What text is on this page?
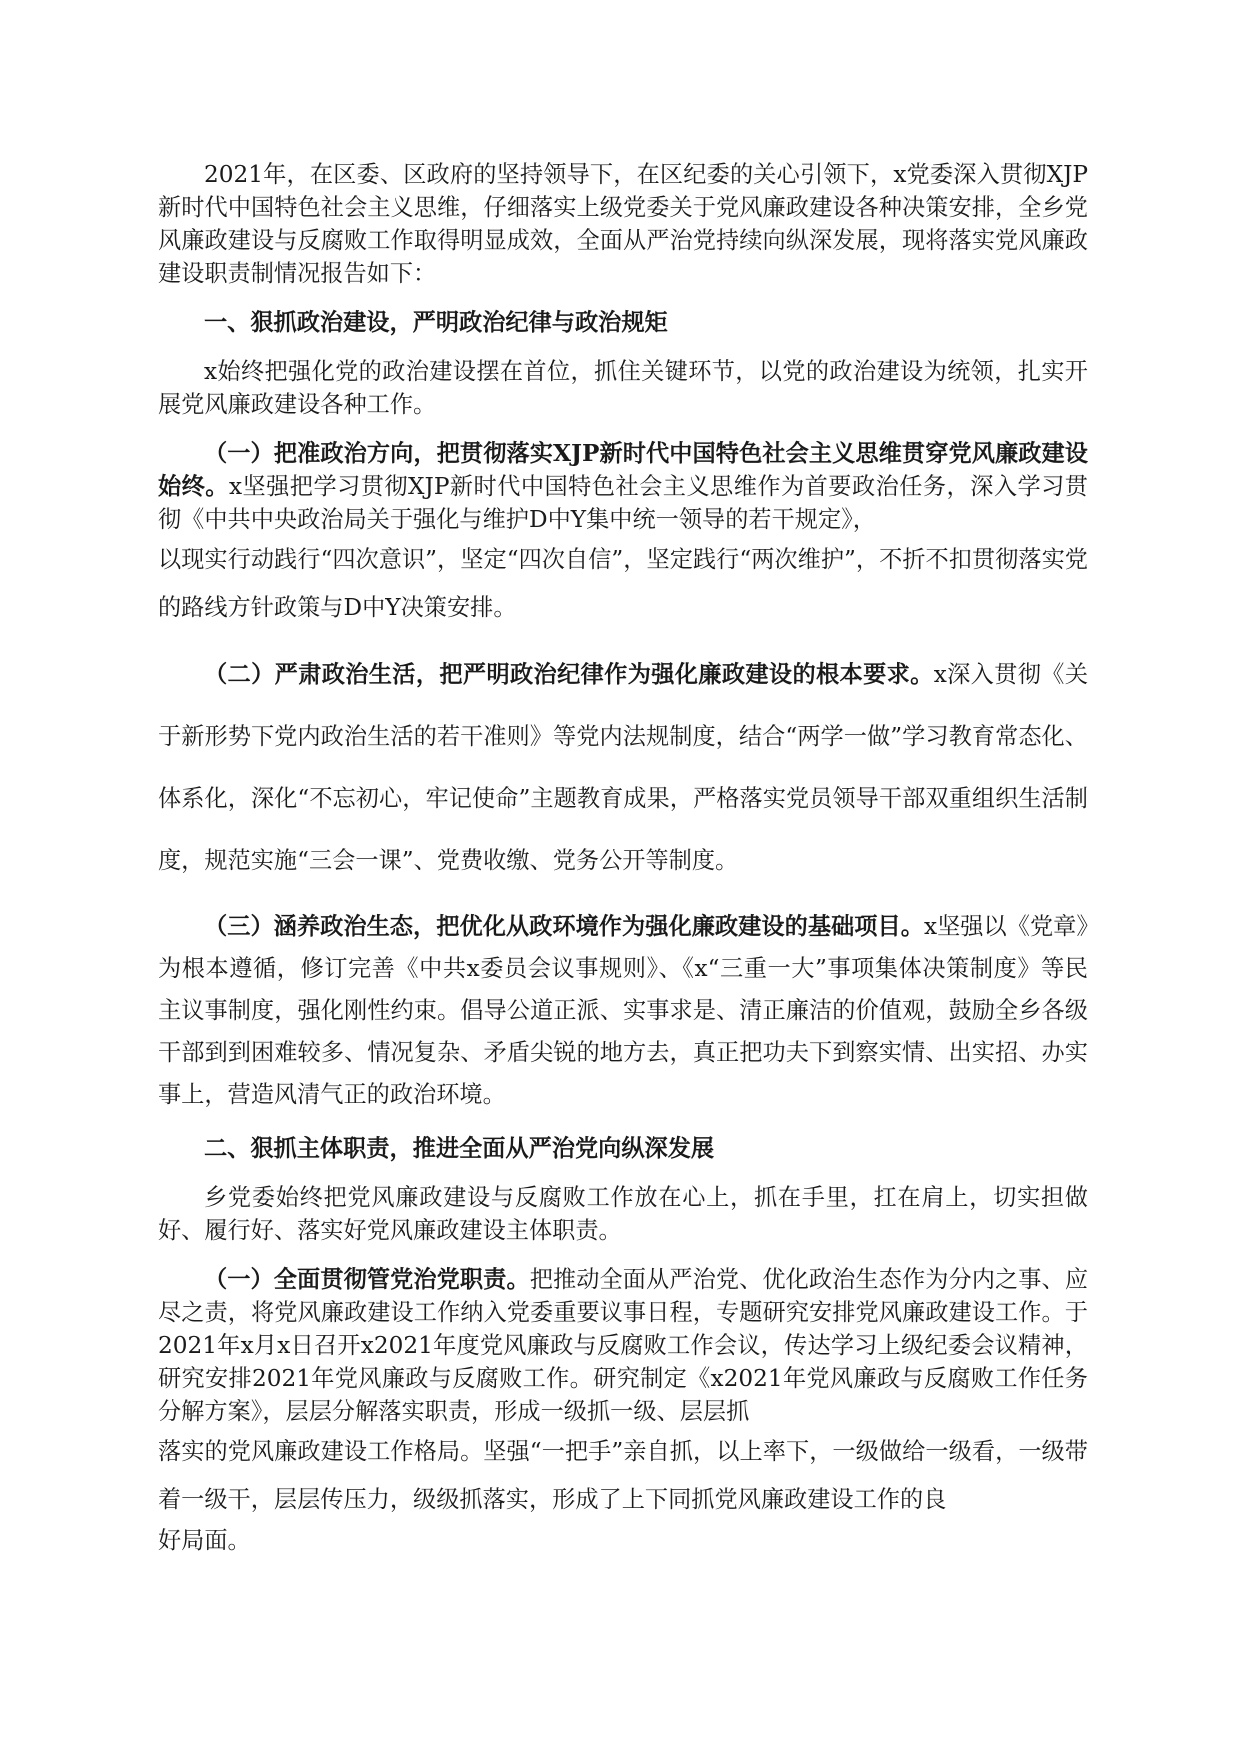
2021年，在区委、区政府的坚持领导下，在区纪委的关心引领下，x党委深入贯彻XJP新时代中国特色社会主义思维，仔细落实上级党委关于党风廉政建设各种决策安排，全乡党风廉政建设与反腐败工作取得明显成效，全面从严治党持续向纵深发展，现将落实党风廉政建设职责制情况报告如下：

一、狠抓政治建设，严明政治纪律与政治规矩

x始终把强化党的政治建设摆在首位，抓住关键环节，以党的政治建设为统领，扎实开展党风廉政建设各种工作。

（一）把准政治方向，把贯彻落实XJP新时代中国特色社会主义思维贯穿党风廉政建设始终。x坚强把学习贯彻XJP新时代中国特色社会主义思维作为首要政治任务，深入学习贯彻《中共中央政治局关于强化与维护D中Y集中统一领导的若干规定》，

以现实行动践行“四次意识”，坚定“四次自信”，坚定践行“两次维护”，不折不扣贯彻落实党的路线方针政策与D中Y决策安排。

（二）严肃政治生活，把严明政治纪律作为强化廉政建设的根本要求。x深入贯彻《关于新形势下党内政治生活的若干准则》等党内法规制度，结合“两学一做”学习教育常态化、体系化，深化“不忘初心，牢记使命”主题教育成果，严格落实党员领导干部双重组织生活制度，规范实施“三会一课”、党费收缴、党务公开等制度。

（三）涵养政治生态，把优化从政环境作为强化廉政建设的基础项目。x坚强以《党章》为根本遵循，修订完善《中共x委员会议事规则》、《x“三重一大”事项集体决策制度》等民主议事制度，强化刚性约束。倡导公道正派、实事求是、清正廉洁的价值观，鼓励全乡各级干部到到困难较多、情况复杂、矛盾尖锐的地方去，真正把功夫下到察实情、出实招、办实事上，营造风清气正的政治环境。

二、狠抓主体职责，推进全面从严治党向纵深发展

乡党委始终把党风廉政建设与反腐败工作放在心上，抓在手里，扛在肩上，切实担做好、履行好、落实好党风廉政建设主体职责。

（一）全面贯彻管党治党职责。把推动全面从严治党、优化政治生态作为分内之事、应尽之责，将党风廉政建设工作纳入党委重要议事日程，专题研究安排党风廉政建设工作。于2021年x月x日召开x2021年度党风廉政与反腐败工作会议，传达学习上级纪委会议精神，研究安排2021年党风廉政与反腐败工作。研究制定《x2021年党风廉政与反腐败工作任务分解方案》，层层分解落实职责，形成一级抓一级、层层抓

落实的党风廉政建设工作格局。坚强“一把手”亲自抓，以上率下，一级做给一级看，一级带着一级干，层层传压力，级级抓落实，形成了上下同抓党风廉政建设工作的良

好局面。
